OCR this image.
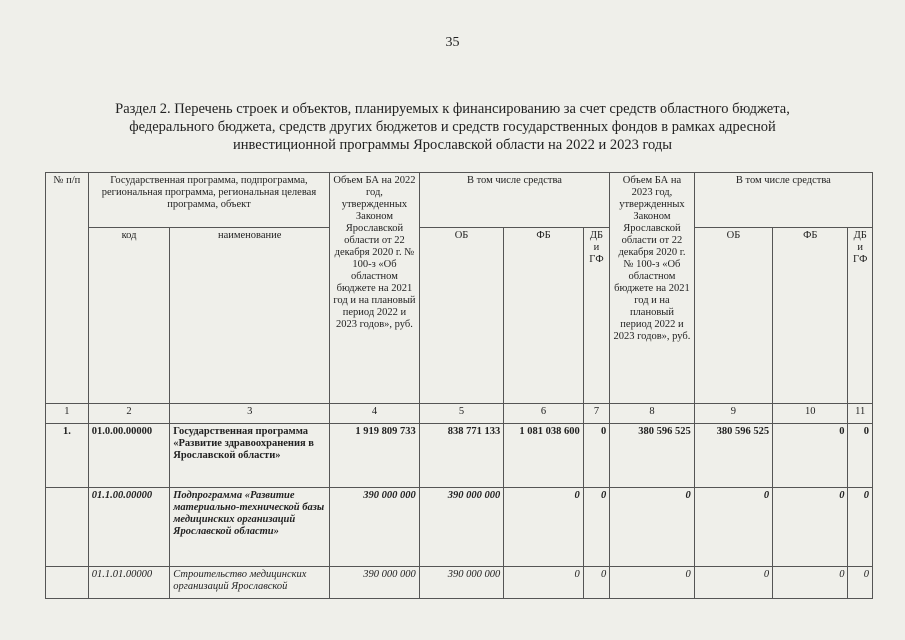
35
Раздел 2. Перечень строек и объектов, планируемых к финансированию за счет средств областного бюджета, федерального бюджета, средств других бюджетов и средств государственных фондов в рамках адресной инвестиционной программы Ярославской области на 2022 и 2023 годы
№ п/п	Государственная программа, подпрограмма, региональная программа, региональная целевая программа, объект		Объем БА на 2022 год, утвержденных Законом Ярославской области от 22 декабря 2020 г. № 100-з «Об областном бюджете на 2021 год и на плановый период 2022 и 2023 годов», руб.	В том числе средства			Объем БА на 2023 год, утвержденных Законом Ярославской области от 22 декабря 2020 г. № 100-з «Об областном бюджете на 2021 год и на плановый период 2022 и 2023 годов», руб.	В том числе средства		
	код	наименование		ОБ	ФБ	ДБ и ГФ		ОБ	ФБ	ДБ и ГФ
1	2	3	4	5	6	7	8	9	10	11
1.	01.0.00.00000	Государственная программа «Развитие здравоохранения в Ярославской области»	1 919 809 733	838 771 133	1 081 038 600	0	380 596 525	380 596 525	0	0
	01.1.00.00000	Подпрограмма «Развитие материально-технической базы медицинских организаций Ярославской области»	390 000 000	390 000 000	0	0	0	0	0	0
	01.1.01.00000	Строительство медицинских организаций Ярославской	390 000 000	390 000 000	0	0	0	0	0	0
